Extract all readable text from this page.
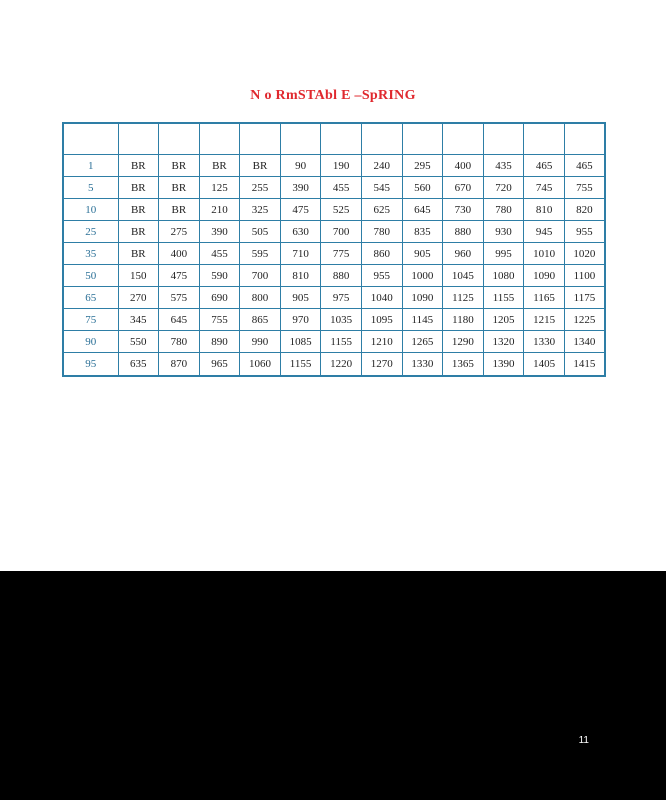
N o RmSTAbl E –SpRING

1	BR	BR	BR	BR	90	190	240	295	400	435	465	465
5	BR	BR	125	255	390	455	545	560	670	720	745	755
10	BR	BR	210	325	475	525	625	645	730	780	810	820
25	BR	275	390	505	630	700	780	835	880	930	945	955
35	BR	400	455	595	710	775	860	905	960	995	1010	1020
50	150	475	590	700	810	880	955	1000	1045	1080	1090	1100
65	270	575	690	800	905	975	1040	1090	1125	1155	1165	1175
75	345	645	755	865	970	1035	1095	1145	1180	1205	1215	1225
90	550	780	890	990	1085	1155	1210	1265	1290	1320	1330	1340
95	635	870	965	1060	1155	1220	1270	1330	1365	1390	1405	1415
11
